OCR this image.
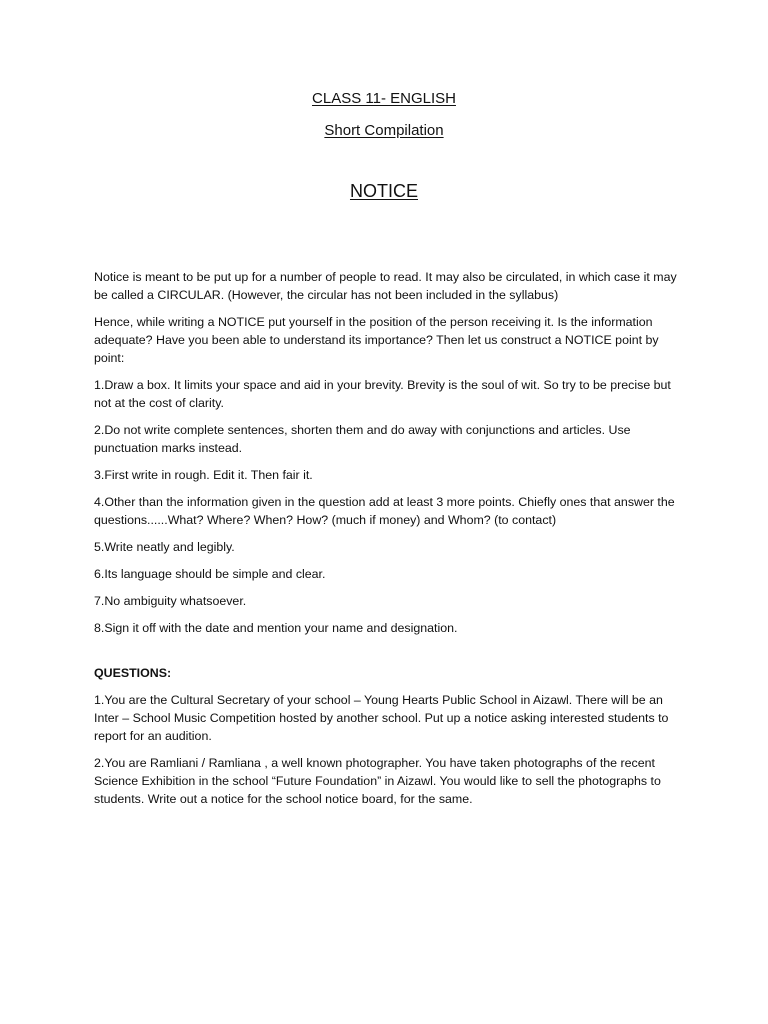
CLASS 11- ENGLISH
Short Compilation
NOTICE

Notice is meant to be put up for a number of people to read. It may also be circulated, in which case it may be called a CIRCULAR. (However, the circular has not been included in the syllabus)

Hence, while writing a NOTICE put yourself in the position of the person receiving it. Is the information adequate? Have you been able to understand its importance? Then let us construct a NOTICE point by point:

1.Draw a box. It limits your space and aid in your brevity. Brevity is the soul of wit. So try to be precise but not at the cost of clarity.

2.Do not write complete sentences, shorten them and do away with conjunctions and articles. Use punctuation marks instead.

3.First write in rough. Edit it. Then fair it.

4.Other than the information given in the question add at least 3 more points. Chiefly ones that answer the questions......What? Where? When? How? (much if money) and Whom? (to contact)

5.Write neatly and legibly.

6.Its language should be simple and clear.

7.No ambiguity whatsoever.

8.Sign it off with the date and mention your name and designation.

QUESTIONS:

1.You are the Cultural Secretary of your school – Young Hearts Public School in Aizawl. There will be an Inter – School Music Competition hosted by another school. Put up a notice asking interested students to report for an audition.

2.You are Ramliani / Ramliana , a well known photographer. You have taken photographs of the recent Science Exhibition in the school “Future Foundation” in Aizawl. You would like to sell the photographs to students. Write out a notice for the school notice board, for the same.
